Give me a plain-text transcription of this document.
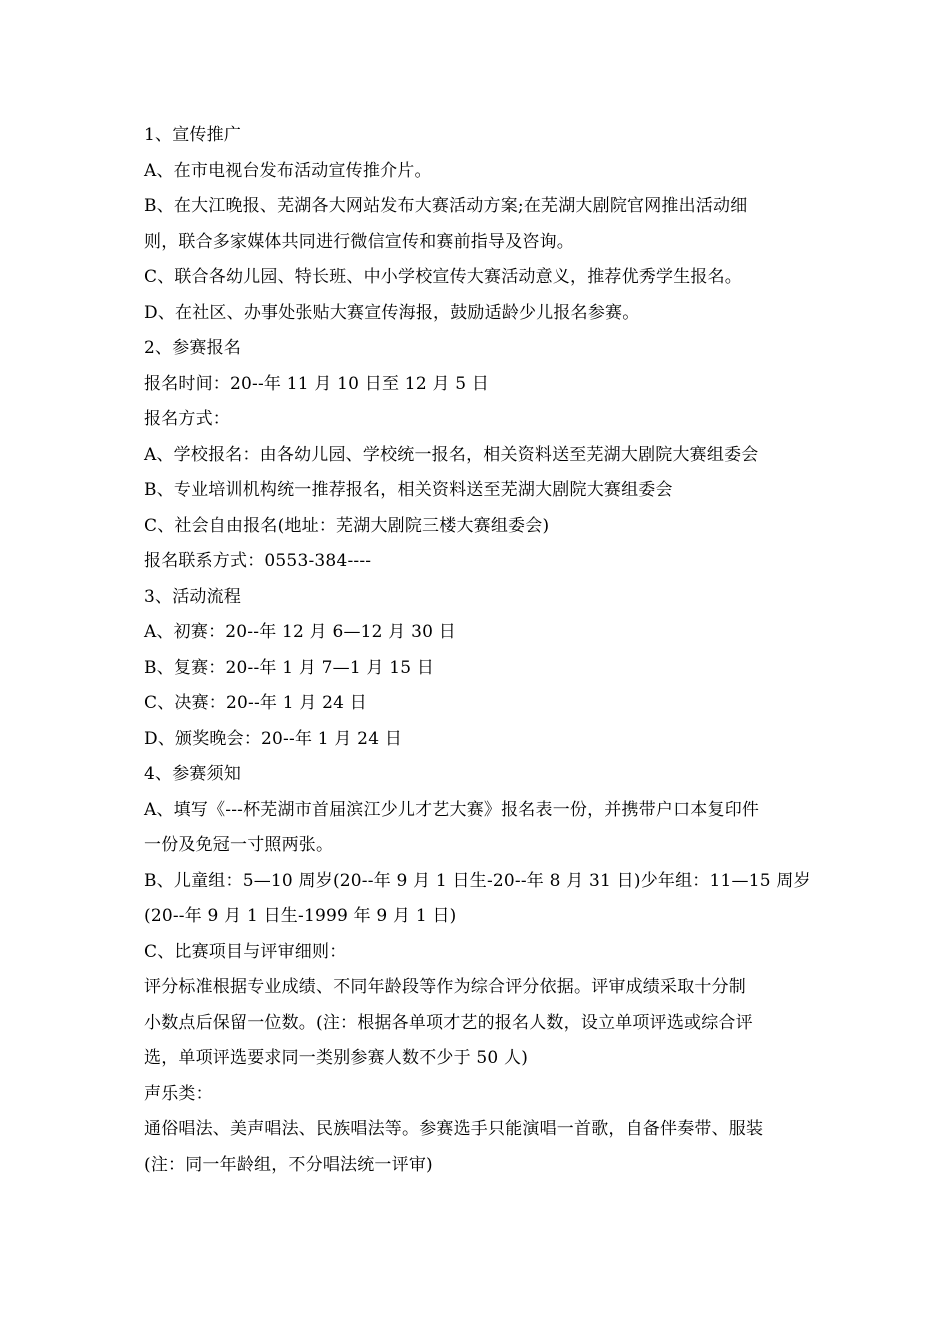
1、宣传推广
A、在市电视台发布活动宣传推介片。
B、在大江晚报、芜湖各大网站发布大赛活动方案;在芜湖大剧院官网推出活动细
则，联合多家媒体共同进行微信宣传和赛前指导及咨询。
C、联合各幼儿园、特长班、中小学校宣传大赛活动意义，推荐优秀学生报名。
D、在社区、办事处张贴大赛宣传海报，鼓励适龄少儿报名参赛。
2、参赛报名
报名时间：20--年 11 月 10 日至 12 月 5 日
报名方式：
A、学校报名：由各幼儿园、学校统一报名，相关资料送至芜湖大剧院大赛组委会
B、专业培训机构统一推荐报名，相关资料送至芜湖大剧院大赛组委会
C、社会自由报名(地址：芜湖大剧院三楼大赛组委会)
报名联系方式：0553-384----
3、活动流程
A、初赛：20--年 12 月 6—12 月 30 日
B、复赛：20--年 1 月 7—1 月 15 日
C、决赛：20--年 1 月 24 日
D、颁奖晚会：20--年 1 月 24 日
4、参赛须知
A、填写《---杯芜湖市首届滨江少儿才艺大赛》报名表一份，并携带户口本复印件
一份及免冠一寸照两张。
B、儿童组：5—10 周岁(20--年 9 月 1 日生-20--年 8 月 31 日)少年组：11—15 周岁
(20--年 9 月 1 日生-1999 年 9 月 1 日)
C、比赛项目与评审细则：
评分标准根据专业成绩、不同年龄段等作为综合评分依据。评审成绩采取十分制
小数点后保留一位数。(注：根据各单项才艺的报名人数，设立单项评选或综合评
选，单项评选要求同一类别参赛人数不少于 50 人)
声乐类：
通俗唱法、美声唱法、民族唱法等。参赛选手只能演唱一首歌，自备伴奏带、服装
(注：同一年龄组，不分唱法统一评审)
